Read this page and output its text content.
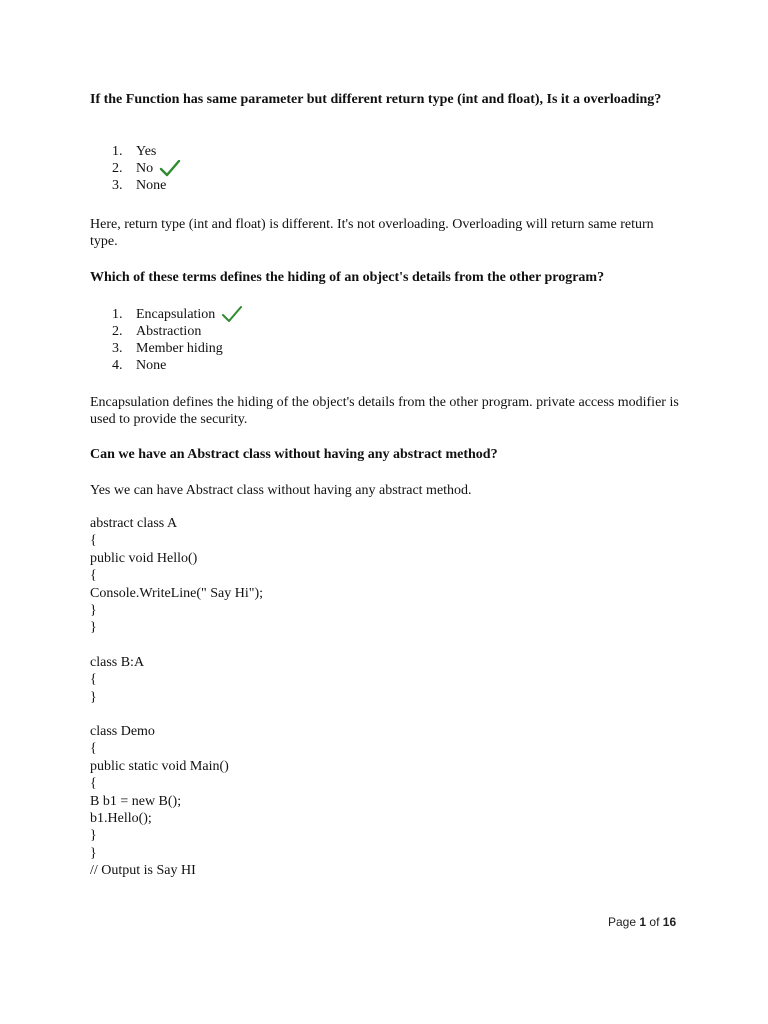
If the Function has same parameter but different return type (int and float), Is it a overloading?
1. Yes
2. No
3. None
Here, return type (int and float) is different. It's not overloading. Overloading will return same return type.
Which of these terms defines the hiding of an object's details from the other program?
1. Encapsulation
2. Abstraction
3. Member hiding
4. None
Encapsulation defines the hiding of the object's details from the other program. private access modifier is used to provide the security.
Can we have an Abstract class without having any abstract method?
Yes we can have Abstract class without having any abstract method.
abstract class A
{
public void Hello()
{
Console.WriteLine(" Say Hi");
}
}
class B:A
{
}
class Demo
{
public static void Main()
{
B b1 = new B();
b1.Hello();
}
}
// Output is Say HI
Page 1 of 16
